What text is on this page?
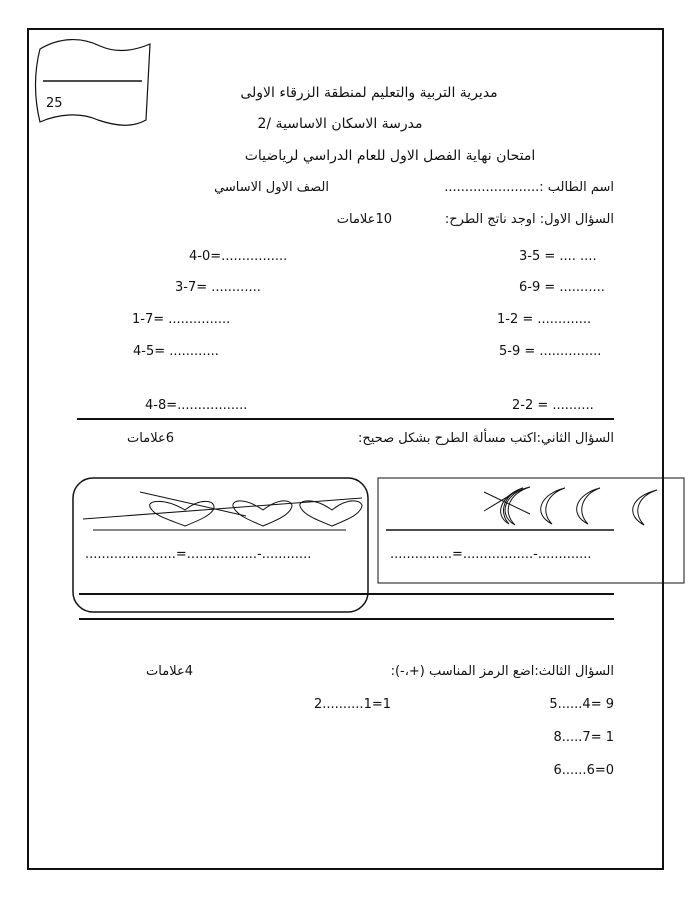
25
مديرية التربية والتعليم لمنطقة الزرقاء الاولى
مدرسة الاسكان الاساسية /2
امتحان نهاية الفصل الاول للعام الدراسي لرياضيات
اسم الطالب :.......................
الصف الاول الاساسي
السؤال الاول: اوجد ناتج الطرح:
10علامات
3-5 = .... ....
6-9 = ...........
1-2 = .............
5-9 = ...............
2-2 = ..........
4-0=................
3-7= ............
1-7= ...............
4-5= ............
4-8=.................
السؤال الثاني:اكتب مسألة الطرح بشكل صحيح:
6علامات
......................=.................-............	...............=.................-.............
السؤال الثالث:اضع الرمز المناسب (+،-):
4علامات
5......4= 9
8.....7= 1
6......6=0
2..........1=1
